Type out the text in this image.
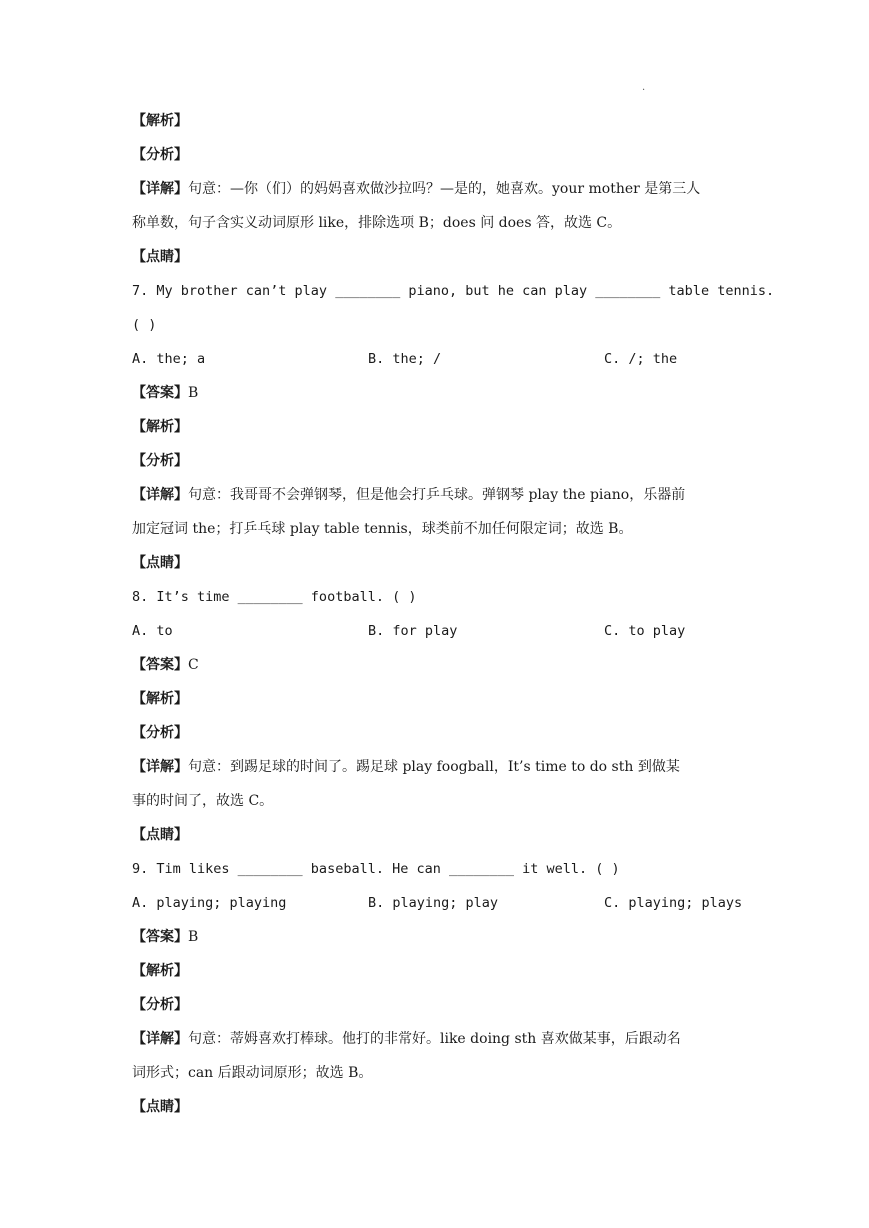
.
【解析】
【分析】
【详解】句意：—你（们）的妈妈喜欢做沙拉吗？—是的，她喜欢。your mother 是第三人
称单数，句子含实义动词原形 like，排除选项 B；does 问 does 答，故选 C。
【点睛】
7. My brother can’t play ________ piano, but he can play ________ table tennis.
( )
A. the; a	B. the; /	C. /; the
【答案】B
【解析】
【分析】
【详解】句意：我哥哥不会弹钢琴，但是他会打乒乓球。弹钢琴 play the piano，乐器前
加定冠词 the；打乒乓球 play table tennis，球类前不加任何限定词；故选 B。
【点睛】
8. It’s time ________ football. ( )
A. to	B. for play	C. to play
【答案】C
【解析】
【分析】
【详解】句意：到踢足球的时间了。踢足球 play foogball，It’s time to do sth 到做某
事的时间了，故选 C。
【点睛】
9. Tim likes ________ baseball. He can ________ it well. ( )
A. playing; playing	B. playing; play	C. playing; plays
【答案】B
【解析】
【分析】
【详解】句意：蒂姆喜欢打棒球。他打的非常好。like doing sth 喜欢做某事，后跟动名
词形式；can 后跟动词原形；故选 B。
【点睛】
